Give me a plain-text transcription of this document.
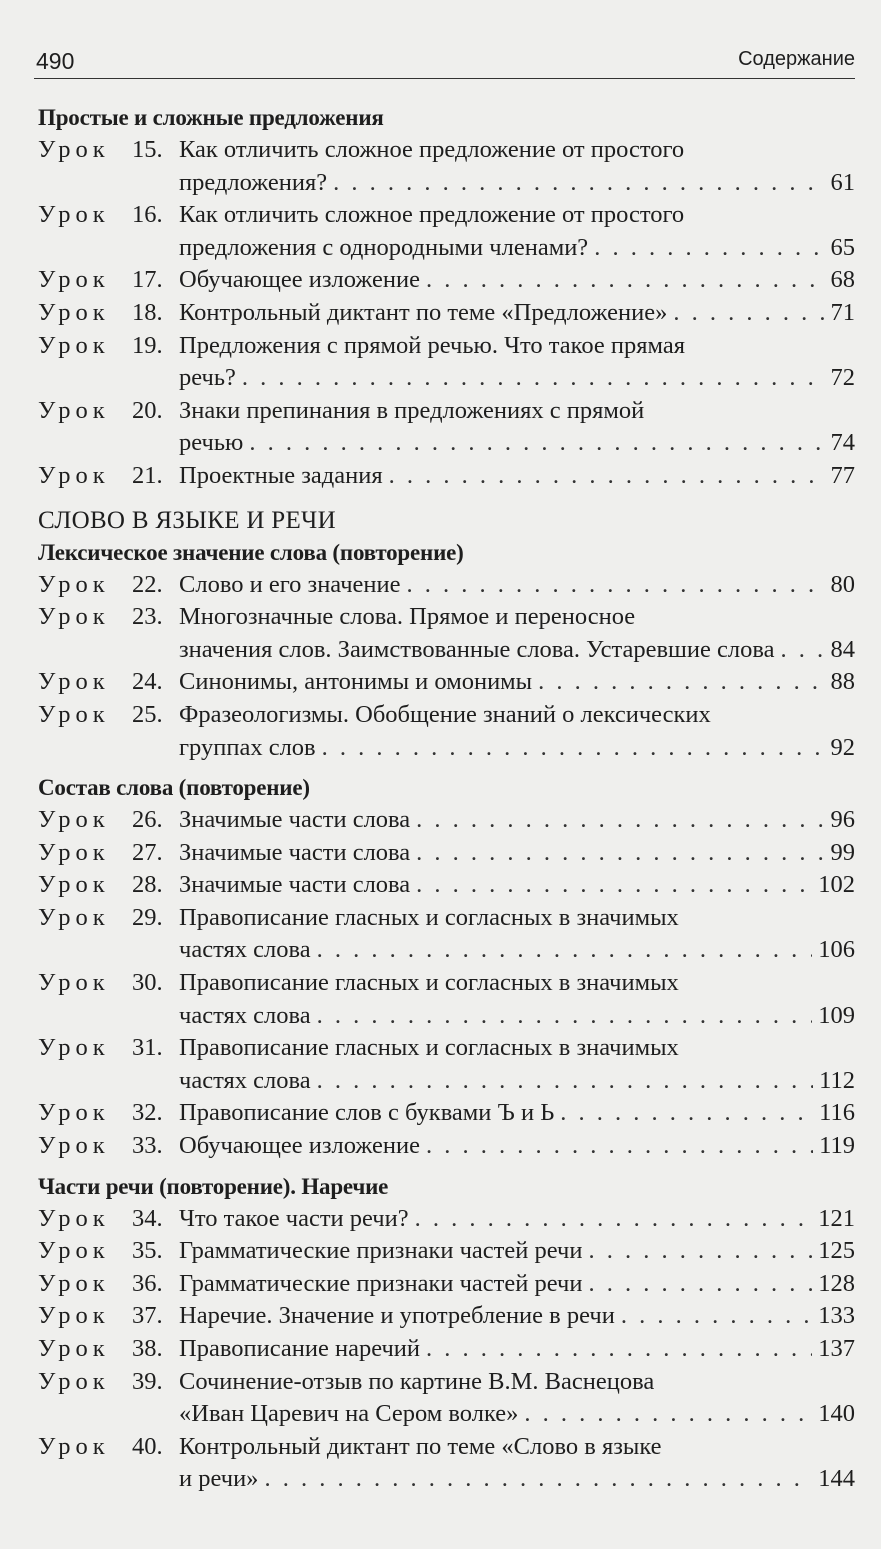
490	Содержание
Простые и сложные предложения
Урок 15. Как отличить сложное предложение от простого
предложения? . . .	61
Урок 16. Как отличить сложное предложение от простого
предложения с однородными членами? . . .	65
Урок 17. Обучающее изложение . . .	68
Урок 18. Контрольный диктант по теме «Предложение» . . .	71
Урок 19. Предложения с прямой речью. Что такое прямая
речь? . . .	72
Урок 20. Знаки препинания в предложениях с прямой
речью . . .	74
Урок 21. Проектные задания . . .	77
СЛОВО В ЯЗЫКЕ И РЕЧИ
Лексическое значение слова (повторение)
Урок 22. Слово и его значение . . .	80
Урок 23. Многозначные слова. Прямое и переносное
значения слов. Заимствованные слова. Устаревшие слова . . . 84
Урок 24. Синонимы, антонимы и омонимы . . .	88
Урок 25. Фразеологизмы. Обобщение знаний о лексических
группах слов . . .	92
Состав слова (повторение)
Урок 26. Значимые части слова . . .	96
Урок 27. Значимые части слова . . .	99
Урок 28. Значимые части слова . . .	102
Урок 29. Правописание гласных и согласных в значимых
частях слова . . .	106
Урок 30. Правописание гласных и согласных в значимых
частях слова . . .	109
Урок 31. Правописание гласных и согласных в значимых
частях слова . . .	112
Урок 32. Правописание слов с буквами Ъ и Ь . . .	116
Урок 33. Обучающее изложение . . .	119
Части речи (повторение). Наречие
Урок 34. Что такое части речи? . . .	121
Урок 35. Грамматические признаки частей речи . . .	125
Урок 36. Грамматические признаки частей речи . . .	128
Урок 37. Наречие. Значение и употребление в речи . . .	133
Урок 38. Правописание наречий . . .	137
Урок 39. Сочинение-отзыв по картине В.М. Васнецова
«Иван Царевич на Сером волке» . . .	140
Урок 40. Контрольный диктант по теме «Слово в языке
и речи» . . .	144
